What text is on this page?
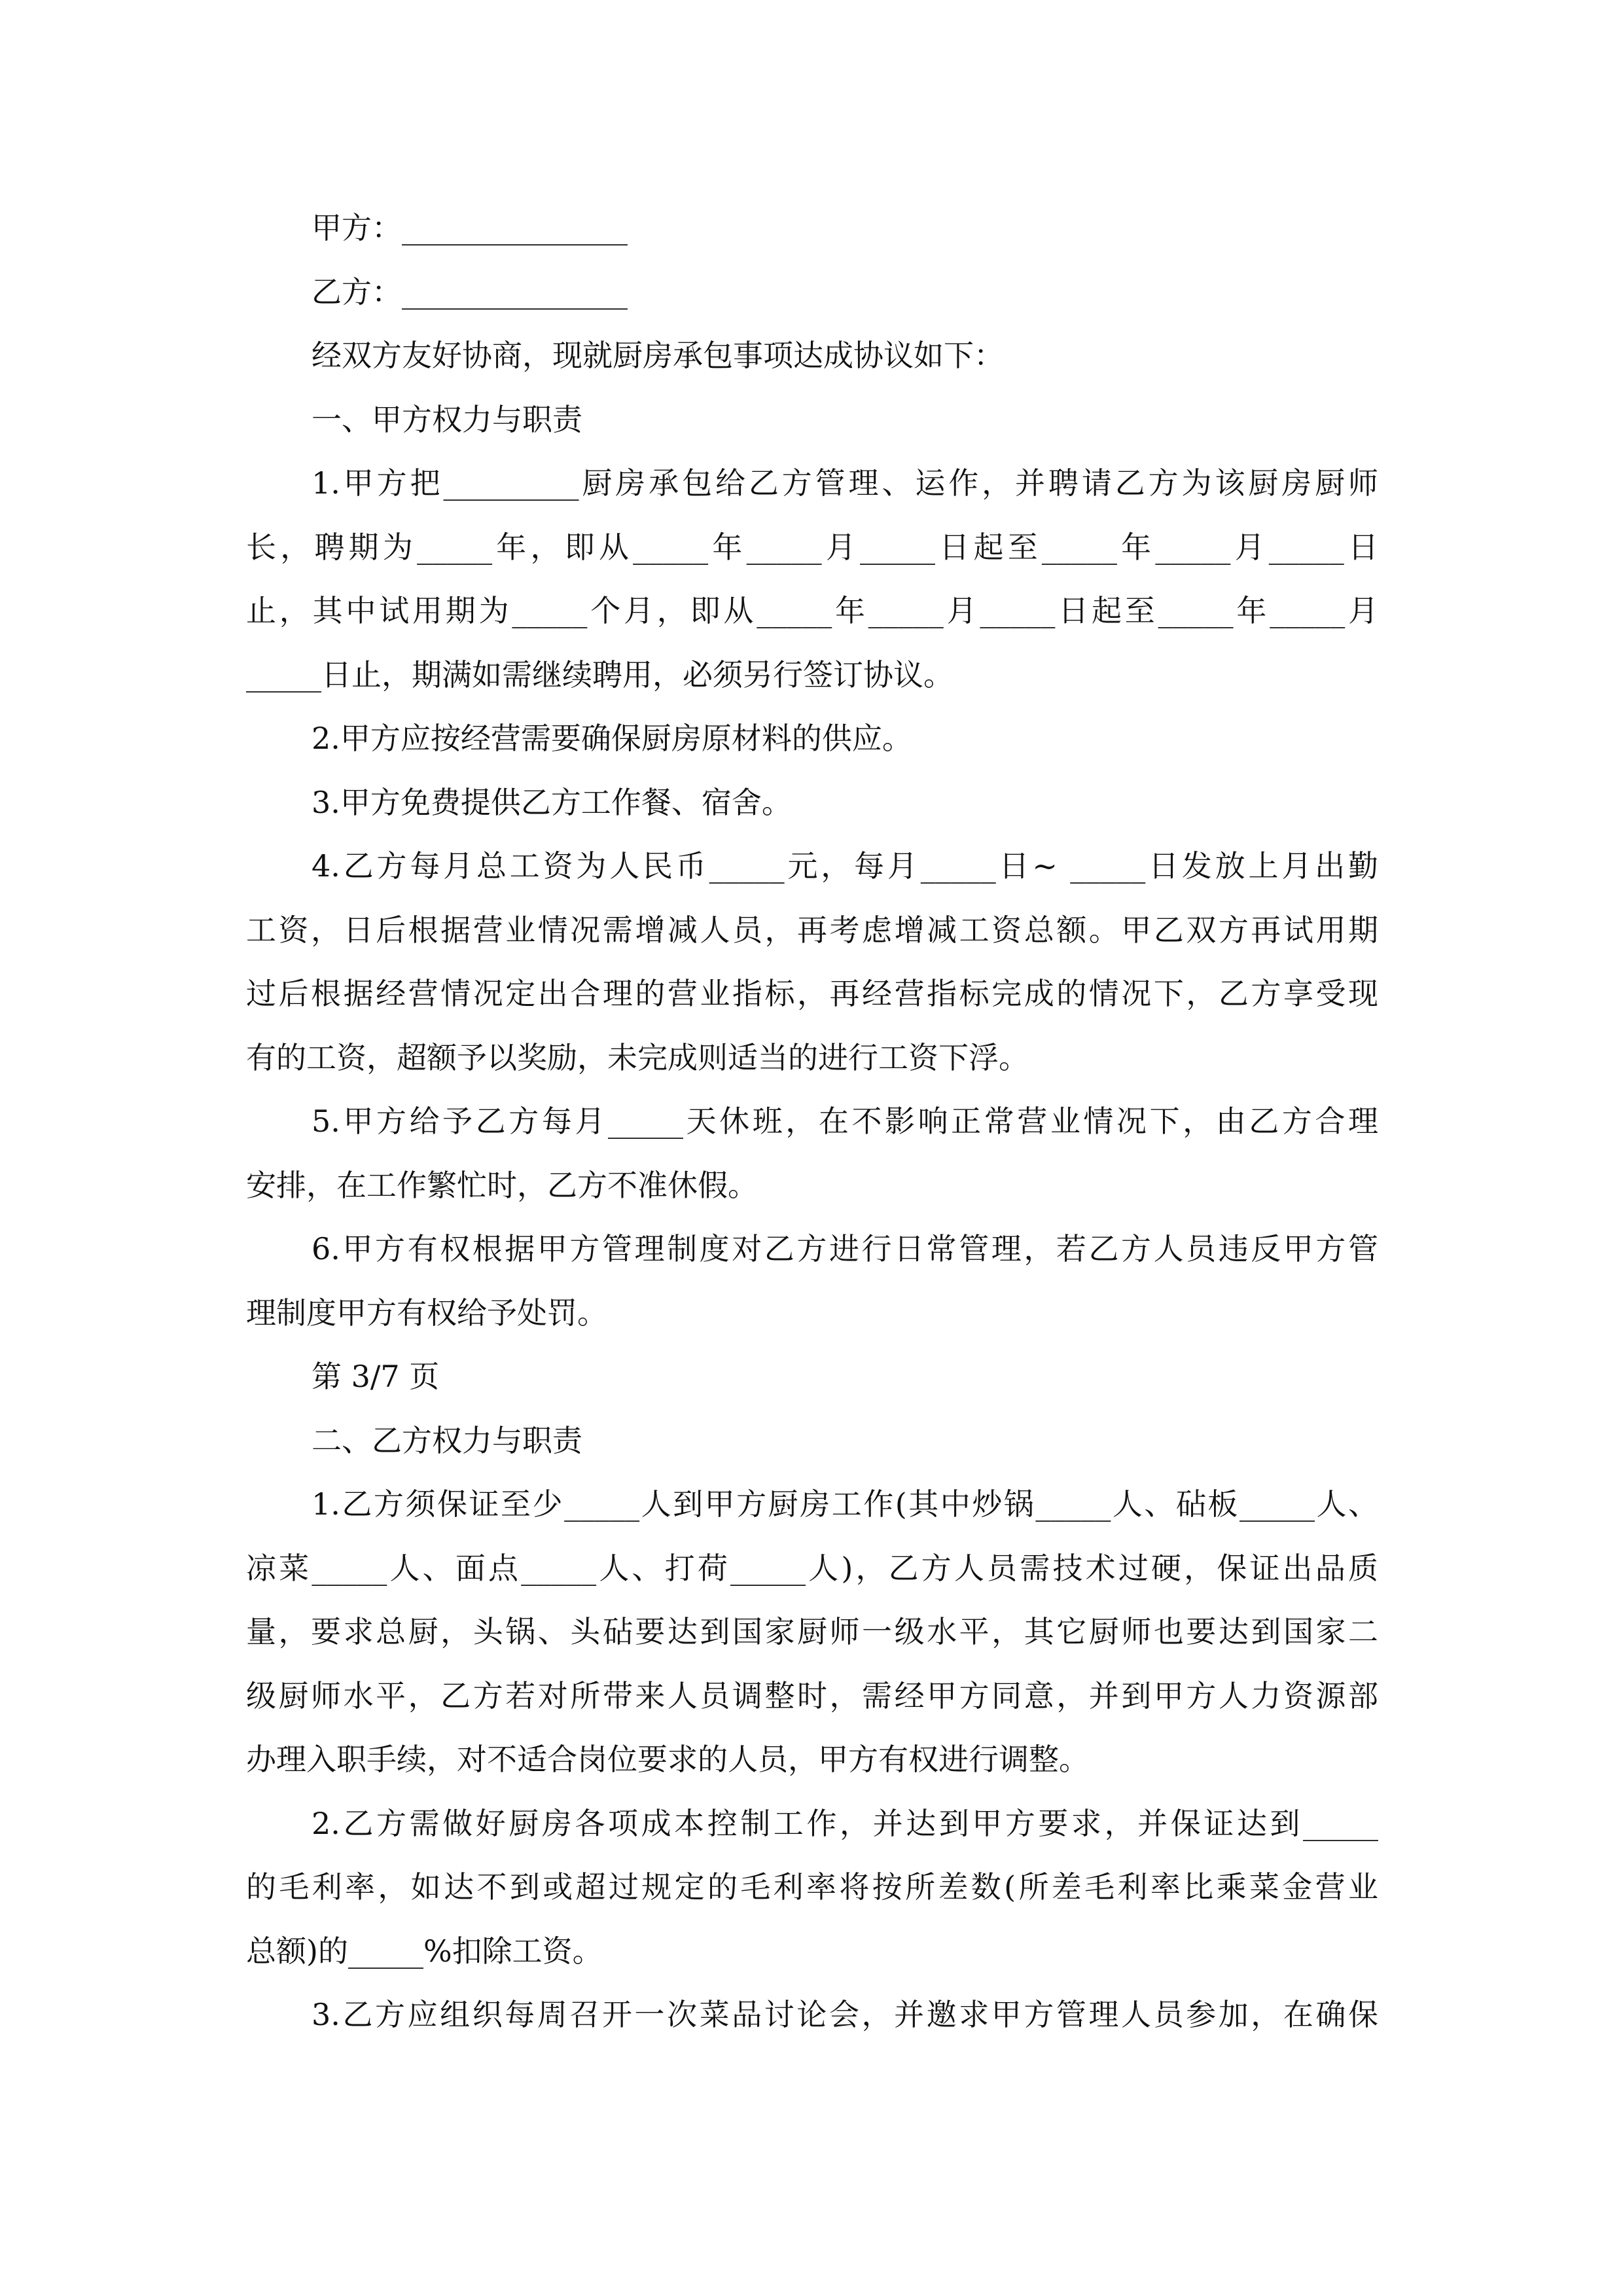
甲方：_______________
乙方：_______________
经双方友好协商，现就厨房承包事项达成协议如下：
一、甲方权力与职责
1.甲方把_________厨房承包给乙方管理、运作，并聘请乙方为该厨房厨师
长，聘期为_____年，即从_____年_____月_____日起至_____年_____月_____日
止，其中试用期为_____个月，即从_____年_____月_____日起至_____年_____月
_____日止，期满如需继续聘用，必须另行签订协议。
2.甲方应按经营需要确保厨房原材料的供应。
3.甲方免费提供乙方工作餐、宿舍。
4.乙方每月总工资为人民币_____元，每月_____日~ _____日发放上月出勤
工资，日后根据营业情况需增减人员，再考虑增减工资总额。甲乙双方再试用期
过后根据经营情况定出合理的营业指标，再经营指标完成的情况下，乙方享受现
有的工资，超额予以奖励，未完成则适当的进行工资下浮。
5.甲方给予乙方每月_____天休班，在不影响正常营业情况下，由乙方合理
安排，在工作繁忙时，乙方不准休假。
6.甲方有权根据甲方管理制度对乙方进行日常管理，若乙方人员违反甲方管
理制度甲方有权给予处罚。
第 3/7 页
二、乙方权力与职责
1.乙方须保证至少_____人到甲方厨房工作(其中炒锅_____人、砧板_____人、
凉菜_____人、面点_____人、打荷_____人)，乙方人员需技术过硬，保证出品质
量，要求总厨，头锅、头砧要达到国家厨师一级水平，其它厨师也要达到国家二
级厨师水平，乙方若对所带来人员调整时，需经甲方同意，并到甲方人力资源部
办理入职手续，对不适合岗位要求的人员，甲方有权进行调整。
2.乙方需做好厨房各项成本控制工作，并达到甲方要求，并保证达到_____
的毛利率，如达不到或超过规定的毛利率将按所差数(所差毛利率比乘菜金营业
总额)的_____%扣除工资。
3.乙方应组织每周召开一次菜品讨论会，并邀求甲方管理人员参加，在确保
